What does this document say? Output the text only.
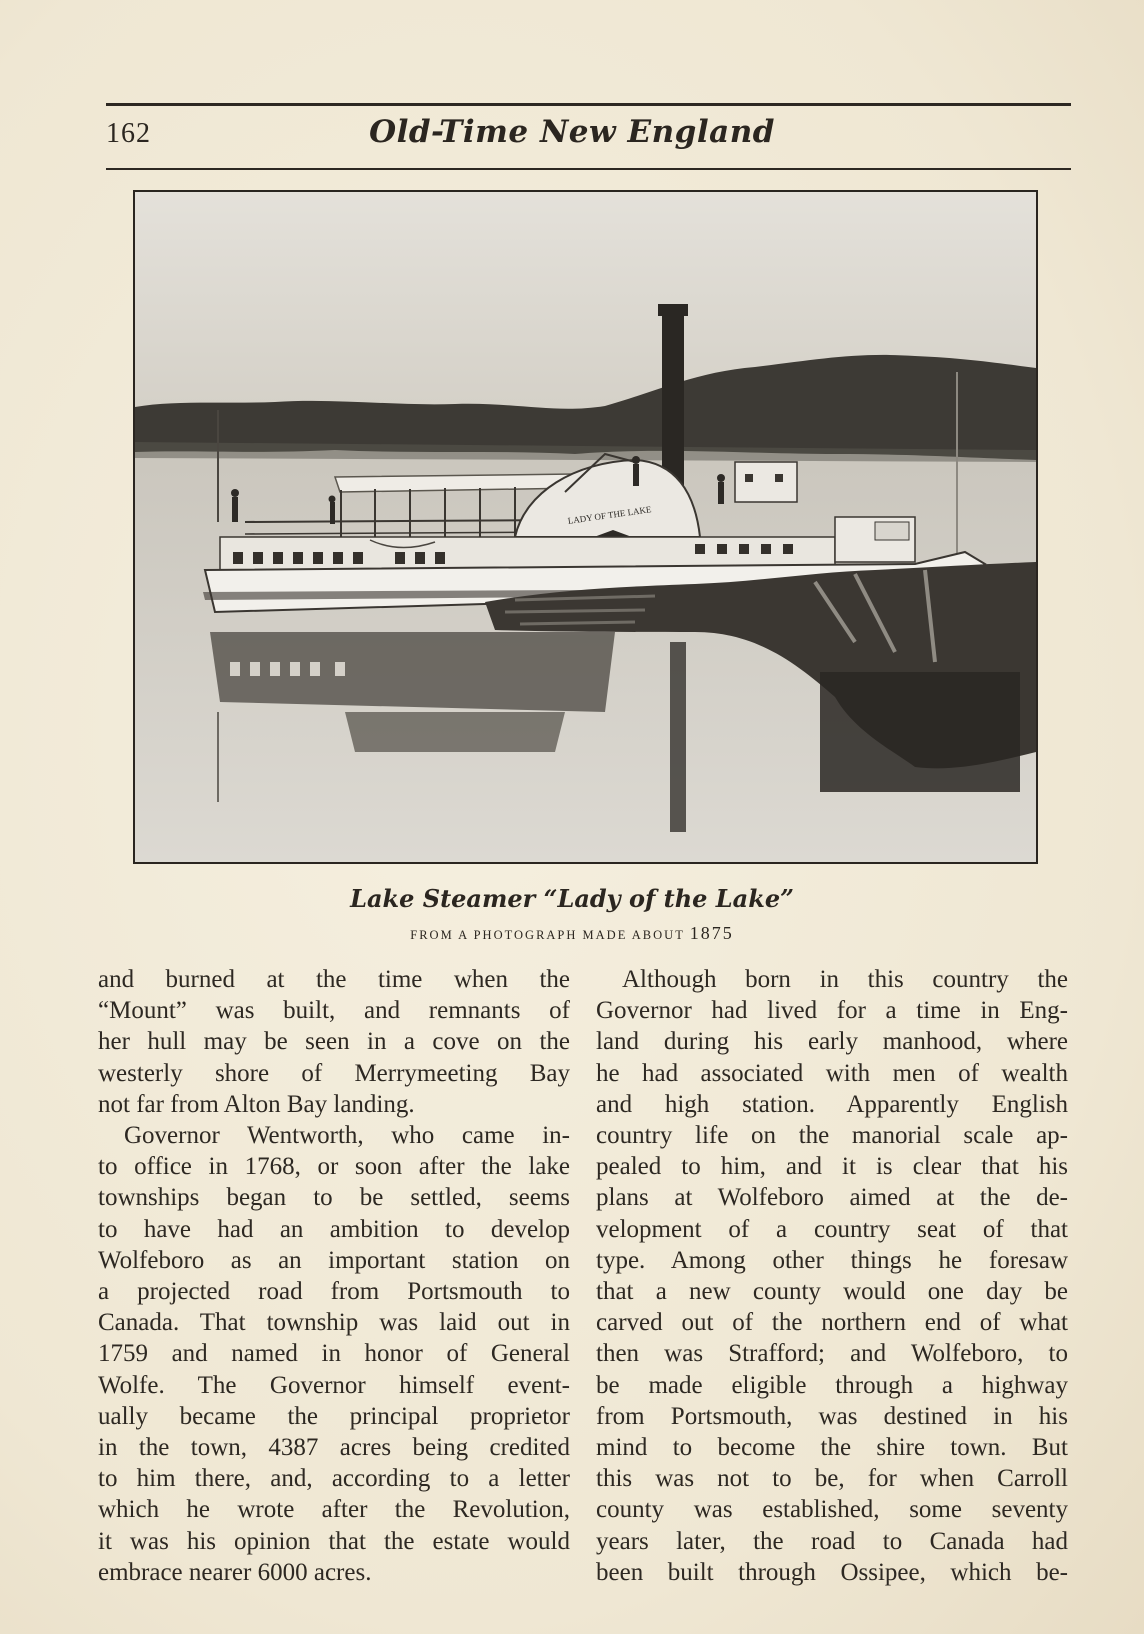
162	Old-Time New England
LADY OF THE LAKE
Lake Steamer “Lady of the Lake”
FROM A PHOTOGRAPH MADE ABOUT 1875
and burned at the time when the
“Mount” was built, and remnants of
her hull may be seen in a cove on the
westerly shore of Merrymeeting Bay
not far from Alton Bay landing.
Governor Wentworth, who came in-
to office in 1768, or soon after the lake
townships began to be settled, seems
to have had an ambition to develop
Wolfeboro as an important station on
a projected road from Portsmouth to
Canada. That township was laid out in
1759 and named in honor of General
Wolfe. The Governor himself event-
ually became the principal proprietor
in the town, 4387 acres being credited
to him there, and, according to a letter
which he wrote after the Revolution,
it was his opinion that the estate would
embrace nearer 6000 acres.
Although born in this country the
Governor had lived for a time in Eng-
land during his early manhood, where
he had associated with men of wealth
and high station. Apparently English
country life on the manorial scale ap-
pealed to him, and it is clear that his
plans at Wolfeboro aimed at the de-
velopment of a country seat of that
type. Among other things he foresaw
that a new county would one day be
carved out of the northern end of what
then was Strafford; and Wolfeboro, to
be made eligible through a highway
from Portsmouth, was destined in his
mind to become the shire town. But
this was not to be, for when Carroll
county was established, some seventy
years later, the road to Canada had
been built through Ossipee, which be-
